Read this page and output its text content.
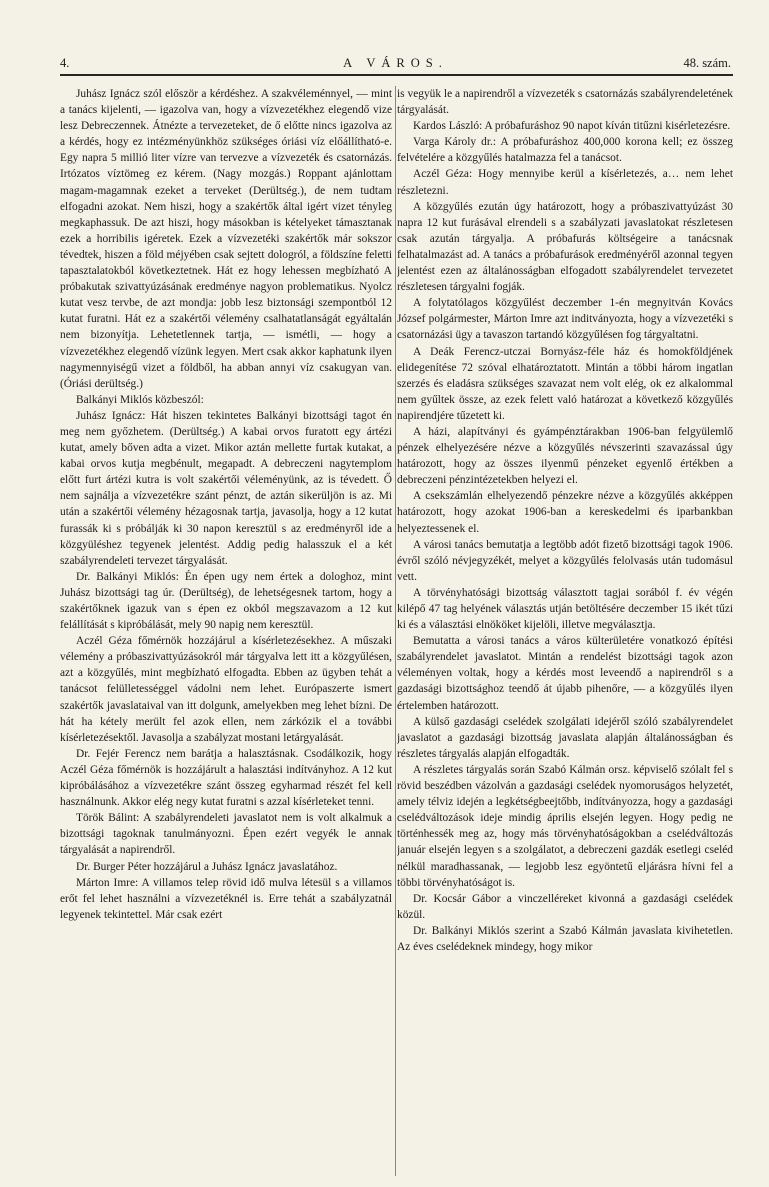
4.	A VÁROS.	48. szám.

Juhász Ignácz szól először a kérdéshez. A szakvéleménnyel, — mint a tanács kijelenti, — igazolva van, hogy a vízvezetékhez elegendő vize lesz Debreczennek. Átnézte a tervezeteket, de ő előtte nincs igazolva az a kérdés, hogy ez intézményünkhöz szükséges óriási víz előállítható-e. Egy napra 5 millió liter vízre van tervezve a vízvezeték és csatornázás. Irtózatos víztömeg ez kérem. (Nagy mozgás.) Roppant ajánlottam magam-magamnak ezeket a terveket (Derültség.), de nem tudtam elfogadni azokat. Nem hiszi, hogy a szakértők által igért vizet tényleg megkaphassuk. De azt hiszi, hogy másokban is kételyeket támasztanak ezek a horribilis igéretek. Ezek a vízvezetéki szakértők már sokszor tévedtek, hiszen a föld méjyében csak sejtett dologról, a földszíne feletti tapasztalatokból következtetnek. Hát ez hogy lehessen megbízható A próbakutak szivattyúzásának eredménye nagyon problematikus. Nyolcz kutat vesz tervbe, de azt mondja: jobb lesz biztonsági szempontból 12 kutat furatni. Hát ez a szakértői vélemény csalhatatlanságát egyáltalán nem bizonyítja. Lehetetlennek tartja, — ismétli, — hogy a vízvezetékhez elegendő vízünk legyen. Mert csak akkor kaphatunk ilyen nagymennyiségű vizet a földből, ha abban annyi víz csakugyan van. (Óriási derültség.)

Balkányi Miklós közbeszól:

Juhász Ignácz: Hát hiszen tekintetes Balkányi bizottsági tagot én meg nem győzhetem. (Derültség.) A kabai orvos furatott egy ártézi kutat, amely bőven adta a vizet. Mikor aztán mellette furtak kutakat, a kabai orvos kutja megbénult, megapadt. A debreczeni nagytemplom előtt furt ártézi kutra is volt szakértői véleményünk, az is tévedett. Ő nem sajnálja a vízvezetékre szánt pénzt, de aztán sikerüljön is az. Mi után a szakértői vélemény hézagosnak tartja, javasolja, hogy a 12 kutat furassák ki s próbálják ki 30 napon keresztül s az eredményről ide a közgyüléshez tegyenek jelentést. Addig pedig halasszuk el a két szabályrendeleti tervezet tárgyalását.

Dr. Balkányi Miklós: Én épen ugy nem értek a dologhoz, mint Juhász bizottsági tag úr. (Derültség), de lehetségesnek tartom, hogy a szakértőknek igazuk van s épen ez okból megszavazom a 12 kut felállítását s kipróbálását, mely 90 napig nem keresztül.

Aczél Géza főmérnök hozzájárul a kísérletezésekhez. A műszaki vélemény a próbaszivattyúzásokról már tárgyalva lett itt a közgyűlésen, azt a közgyűlés, mint megbízható elfogadta. Ebben az ügyben tehát a tanácsot felülletességgel vádolni nem lehet. Európaszerte ismert szakértők javaslataival van itt dolgunk, amelyekben meg lehet bízni. De hát ha kétely merült fel azok ellen, nem zárkózik el a további kísérletezésektől. Javasolja a szabályzat mostani letárgyalását.

Dr. Fejér Ferencz nem barátja a halasztásnak. Csodálkozik, hogy Aczél Géza főmérnök is hozzájárult a halasztási indítványhoz. A 12 kut kipróbálásához a vízvezetékre szánt összeg egyharmad részét fel kell használnunk. Akkor elég negy kutat furatni s azzal kísérleteket tenni.

Török Bálint: A szabályrendeleti javaslatot nem is volt alkalmuk a bizottsági tagoknak tanulmányozni. Épen ezért vegyék le annak tárgyalását a napirendről.

Dr. Burger Péter hozzájárul a Juhász Ignácz javaslatához.

Márton Imre: A villamos telep rövid idő mulva létesül s a villamos erőt fel lehet használni a vízvezetéknél is. Erre tehát a szabályzatnál legyenek tekintettel. Már csak ezért

is vegyük le a napirendről a vízvezeték s csatornázás szabályrendeletének tárgyalását.

Kardos László: A próbafuráshoz 90 napot kíván titűzni kisérletezésre.

Varga Károly dr.: A próbafuráshoz 400,000 korona kell; ez összeg felvételére a közgyűlés hatalmazza fel a tanácsot.

Aczél Géza: Hogy mennyibe kerül a kísérletezés, a… nem lehet részletezni.

A közgyűlés ezután úgy határozott, hogy a próbaszivattyúzást 30 napra 12 kut furásával elrendeli s a szabályzati javaslatokat részletesen csak azután tárgyalja. A próbafurás költségeire a tanácsnak felhatalmazást ad. A tanács a próbafurások eredményéről azonnal tegyen jelentést ezen az általánosságban elfogadott szabályrendelet tervezetet részletesen tárgyalni fogják.

A folytatólagos közgyűlést deczember 1-én megnyitván Kovács József polgármester, Márton Imre azt inditványozta, hogy a vízvezetéki s csatornázási ügy a tavaszon tartandó közgyűlésen fog tárgyaltatni.

A Deák Ferencz-utczai Bornyász-féle ház és homokföldjének elidegenítése 72 szóval elhatároztatott. Mintán a többi három ingatlan szerzés és eladásra szükséges szavazat nem volt elég, ok ez alkalommal nem gyűltek össze, az ezek felett való határozat a következő közgyűlés napirendjére tűzetett ki.

A házi, alapítványi és gyámpénztárakban 1906-ban felgyülemlő pénzek elhelyezésére nézve a közgyűlés névszerinti szavazással úgy határozott, hogy az összes ilyenmű pénzeket egyenlő értékben a debreczeni pénzintézetekben helyezi el.

A csekszámlán elhelyezendő pénzekre nézve a közgyűlés akképpen határozott, hogy azokat 1906-ban a kereskedelmi és iparbankban helyeztessenek el.

A városi tanács bemutatja a legtöbb adót fizető bizottsági tagok 1906. évről szóló névjegyzékét, melyet a közgyűlés felolvasás után tudomásul vett.

A törvényhatósági bizottság választott tagjai sorából f. év végén kilépő 47 tag helyének választás utján betöltésére deczember 15 ikét tűzi ki és a választási elnököket kijelöli, illetve megválasztja.

Bemutatta a városi tanács a város külterületére vonatkozó építési szabályrendelet javaslatot. Mintán a rendelést bizottsági tagok azon véleményen voltak, hogy a kérdés most leveendő a napirendről s a gazdasági bizottsághoz teendő át újabb pihenőre, — a közgyűlés ilyen értelemben határozott.

A külső gazdasági cselédek szolgálati idejéről szóló szabályrendelet javaslatot a gazdasági bizottság javaslata alapján általánosságban és részletes tárgyalás alapján elfogadták.

A részletes tárgyalás során Szabó Kálmán orsz. képviselő szólalt fel s rövid beszédben vázolván a gazdasági cselédek nyomoruságos helyzetét, amely télviz idején a legkétségbeejtőbb, indítványozza, hogy a gazdasági cselédváltozások ideje mindig április elsején legyen. Hogy pedig ne történhessék meg az, hogy más törvényhatóságokban a cselédváltozás január elsején legyen s a szolgálatot, a debreczeni gazdák esetlegi cseléd nélkül maradhassanak, — legjobb lesz egyöntetű eljárásra hívni fel a többi törvényhatóságot is.

Dr. Kocsár Gábor a vinczelléreket kivonná a gazdasági cselédek közül.

Dr. Balkányi Miklós szerint a Szabó Kálmán javaslata kivihetetlen. Az éves cselédeknek mindegy, hogy mikor
